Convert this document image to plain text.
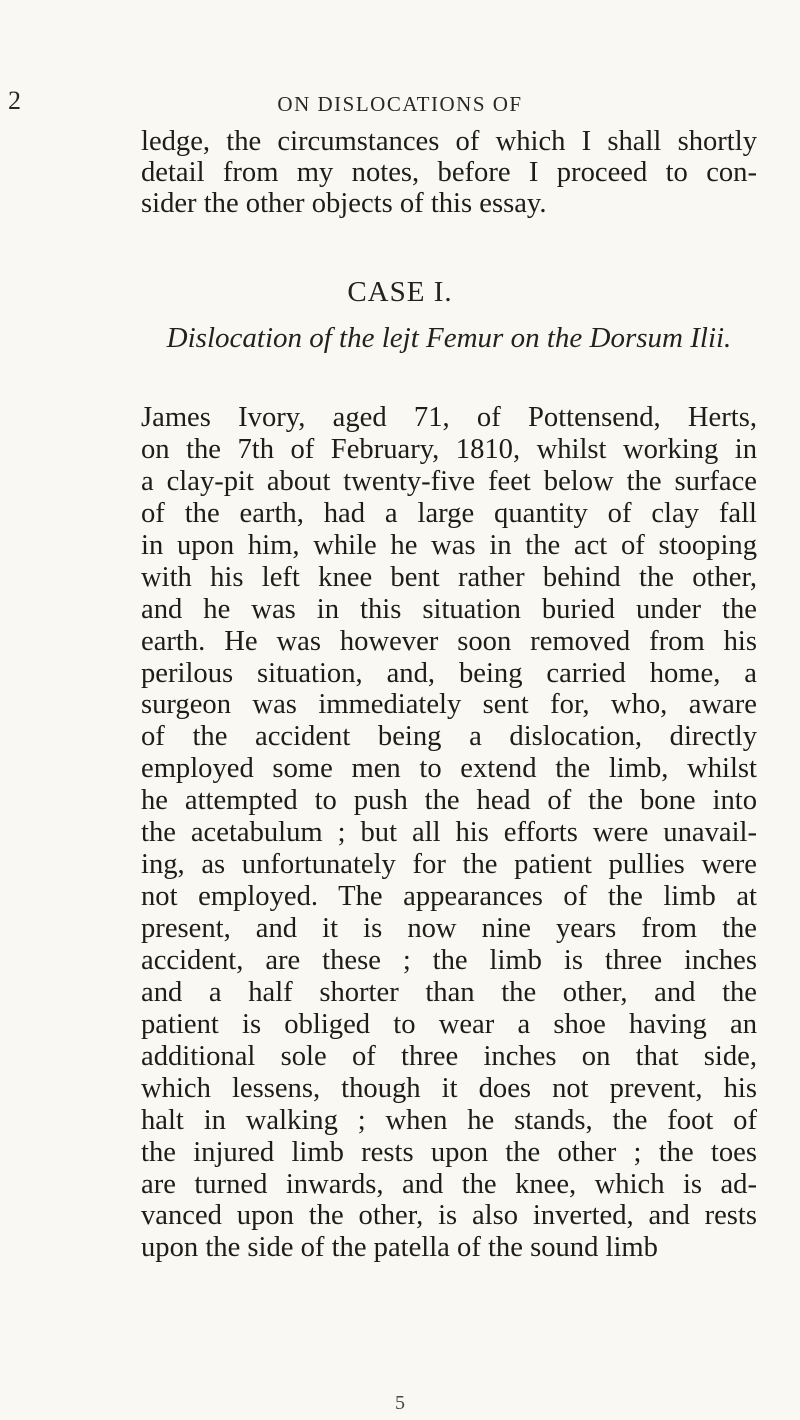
2	ON DISLOCATIONS OF
ledge, the circumstances of which I shall shortly
detail from my notes, before I proceed to con-
sider the other objects of this essay.
CASE I.
Dislocation of the lejt Femur on the Dorsum Ilii.
James Ivory, aged 71, of Pottensend, Herts,
on the 7th of February, 1810, whilst working in
a clay-pit about twenty-five feet below the surface
of the earth, had a large quantity of clay fall
in upon him, while he was in the act of stooping
with his left knee bent rather behind the other,
and he was in this situation buried under the
earth. He was however soon removed from his
perilous situation, and, being carried home, a
surgeon was immediately sent for, who, aware
of the accident being a dislocation, directly
employed some men to extend the limb, whilst
he attempted to push the head of the bone into
the acetabulum ; but all his efforts were unavail-
ing, as unfortunately for the patient pullies were
not employed. The appearances of the limb at
present, and it is now nine years from the
accident, are these ; the limb is three inches
and a half shorter than the other, and the
patient is obliged to wear a shoe having an
additional sole of three inches on that side,
which lessens, though it does not prevent, his
halt in walking ; when he stands, the foot of
the injured limb rests upon the other ; the toes
are turned inwards, and the knee, which is ad-
vanced upon the other, is also inverted, and rests
upon the side of the patella of the sound limb
5
